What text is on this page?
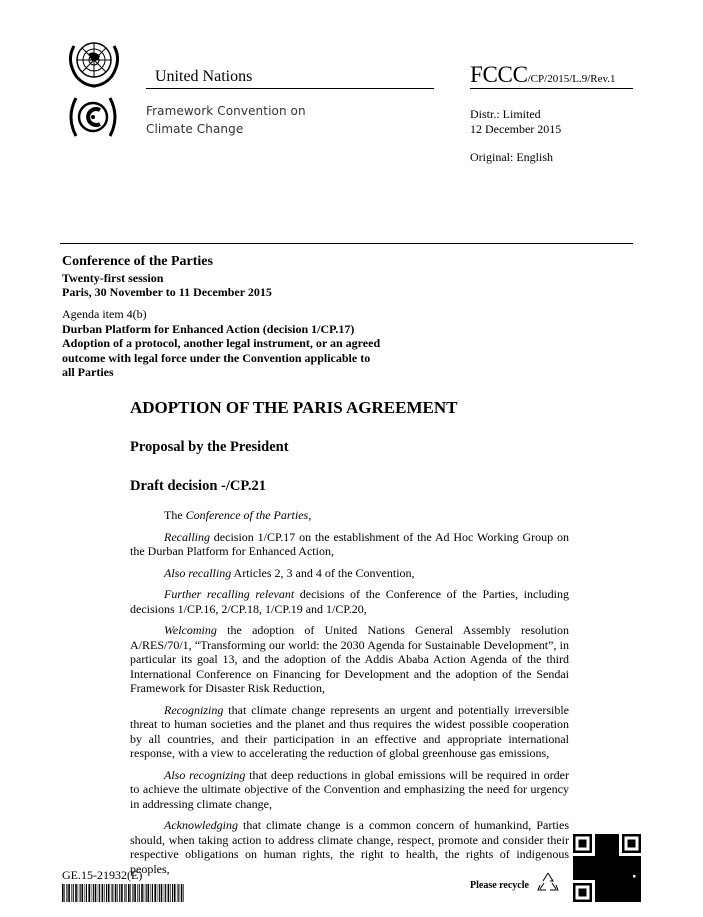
United Nations	FCCC/CP/2015/L.9/Rev.1
Framework Convention on
Climate Change
Distr.: Limited
12 December 2015
Original: English
Conference of the Parties
Twenty-first session
Paris, 30 November to 11 December 2015
Agenda item 4(b)
Durban Platform for Enhanced Action (decision 1/CP.17) Adoption of a protocol, another legal instrument, or an agreed outcome with legal force under the Convention applicable to all Parties
ADOPTION OF THE PARIS AGREEMENT
Proposal by the President
Draft decision -/CP.21

The Conference of the Parties,

Recalling decision 1/CP.17 on the establishment of the Ad Hoc Working Group on the Durban Platform for Enhanced Action,

Also recalling Articles 2, 3 and 4 of the Convention,

Further recalling relevant decisions of the Conference of the Parties, including decisions 1/CP.16, 2/CP.18, 1/CP.19 and 1/CP.20,

Welcoming the adoption of United Nations General Assembly resolution A/RES/70/1, “Transforming our world: the 2030 Agenda for Sustainable Development”, in particular its goal 13, and the adoption of the Addis Ababa Action Agenda of the third International Conference on Financing for Development and the adoption of the Sendai Framework for Disaster Risk Reduction,

Recognizing that climate change represents an urgent and potentially irreversible threat to human societies and the planet and thus requires the widest possible cooperation by all countries, and their participation in an effective and appropriate international response, with a view to accelerating the reduction of global greenhouse gas emissions,

Also recognizing that deep reductions in global emissions will be required in order to achieve the ultimate objective of the Convention and emphasizing the need for urgency in addressing climate change,

Acknowledging that climate change is a common concern of humankind, Parties should, when taking action to address climate change, respect, promote and consider their respective obligations on human rights, the right to health, the rights of indigenous peoples,

GE.15-21932(E)
Please recycle
